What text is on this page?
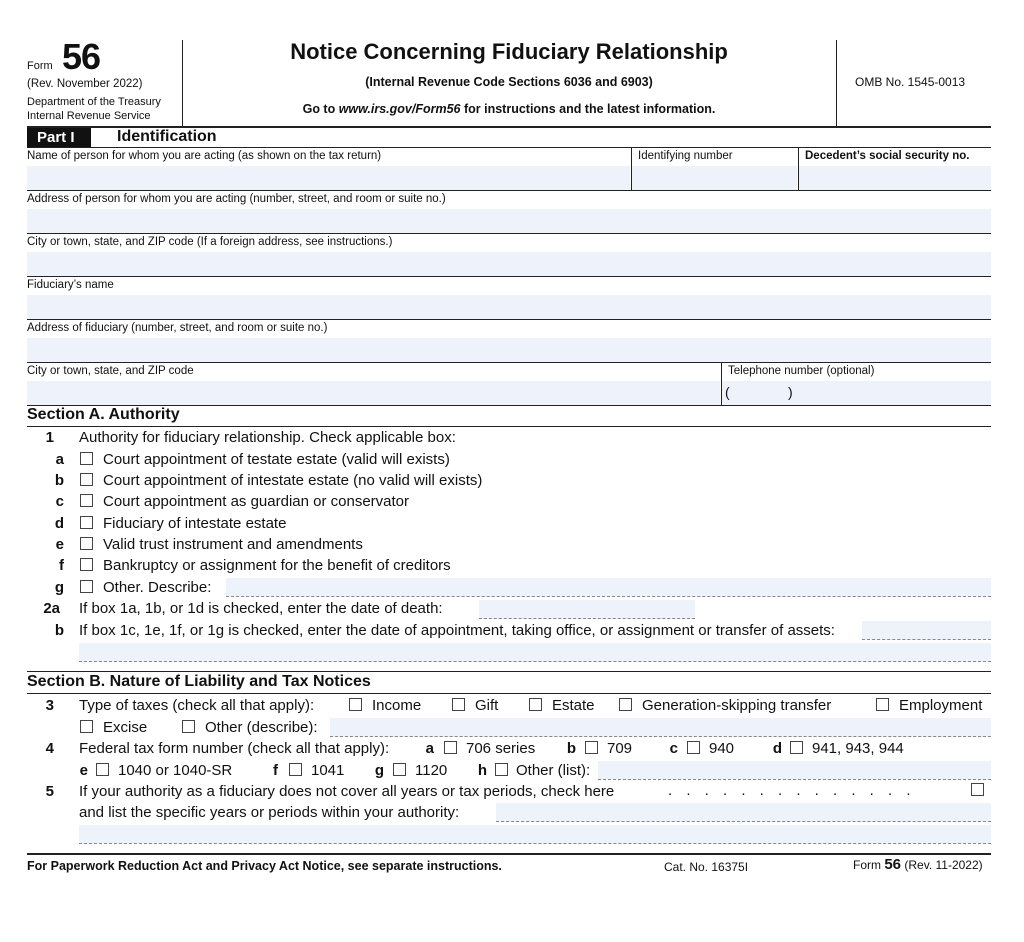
Form 56
(Rev. November 2022)
Department of the Treasury
Internal Revenue Service
Notice Concerning Fiduciary Relationship
(Internal Revenue Code Sections 6036 and 6903)
Go to www.irs.gov/Form56 for instructions and the latest information.
OMB No. 1545-0013
Part I	Identification
Name of person for whom you are acting (as shown on the tax return)	Identifying number	Decedent’s social security no.
Address of person for whom you are acting (number, street, and room or suite no.)
City or town, state, and ZIP code (If a foreign address, see instructions.)
Fiduciary’s name
Address of fiduciary (number, street, and room or suite no.)
City or town, state, and ZIP code	Telephone number (optional)
(	)
Section A. Authority
1 Authority for fiduciary relationship. Check applicable box:
a	Court appointment of testate estate (valid will exists)
b	Court appointment of intestate estate (no valid will exists)
c	Court appointment as guardian or conservator
d	Fiduciary of intestate estate
e	Valid trust instrument and amendments
f	Bankruptcy or assignment for the benefit of creditors
g	Other. Describe:
2a If box 1a, 1b, or 1d is checked, enter the date of death:
b If box 1c, 1e, 1f, or 1g is checked, enter the date of appointment, taking office, or assignment or transfer of assets:
Section B. Nature of Liability and Tax Notices
3 Type of taxes (check all that apply):	Income	Gift	Estate	Generation-skipping transfer	Employment
Excise	Other (describe):
4 Federal tax form number (check all that apply):	a 706 series	b 709	c 940	d 941, 943, 944
e 1040 or 1040-SR	f 1041	g 1120	h Other (list):
5 If your authority as a fiduciary does not cover all years or tax periods, check here	. . . . . . . . . . . . . .
and list the specific years or periods within your authority:
For Paperwork Reduction Act and Privacy Act Notice, see separate instructions.	Cat. No. 16375I	Form 56 (Rev. 11-2022)
